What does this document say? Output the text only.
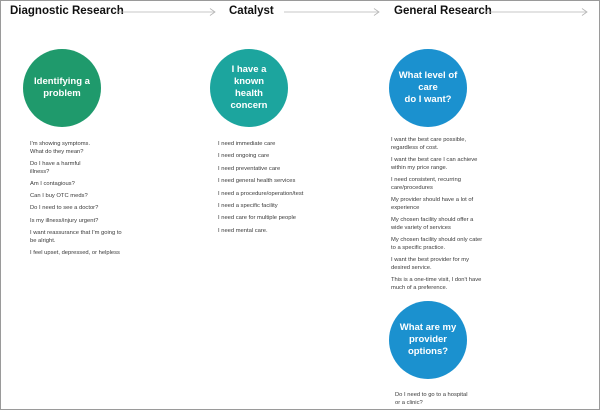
Diagnostic Research	Catalyst	General Research
Identifying a
problem
I'm showing symptoms.
What do they mean?
Do I have a harmful
illness?
Am I contagious?
Can I buy OTC meds?
Do I need to see a doctor?
Is my illness/injury urgent?
I want reassurance that I'm going to
be alright.
I feel upset, depressed, or helpless
I have a known
health concern
I need immediate care
I need ongoing care
I need preventative care
I need general health services
I need a procedure/operation/test
I need a specific facility
I need care for multiple people
I need mental care.
What level of care
do I want?
I want the best care possible,
regardless of cost.
I want the best care I can achieve
within my price range.
I need consistent, recurring
care/procedures
My provider should have a lot of
experience
My chosen facility should offer a
wide variety of services
My chosen facility should only cater
to a specific practice.
I want the best provider for my
desired service.
This is a one-time visit, I don't have
much of a preference.
What are my
provider options?
Do I need to go to a hospital
or a clinic?
